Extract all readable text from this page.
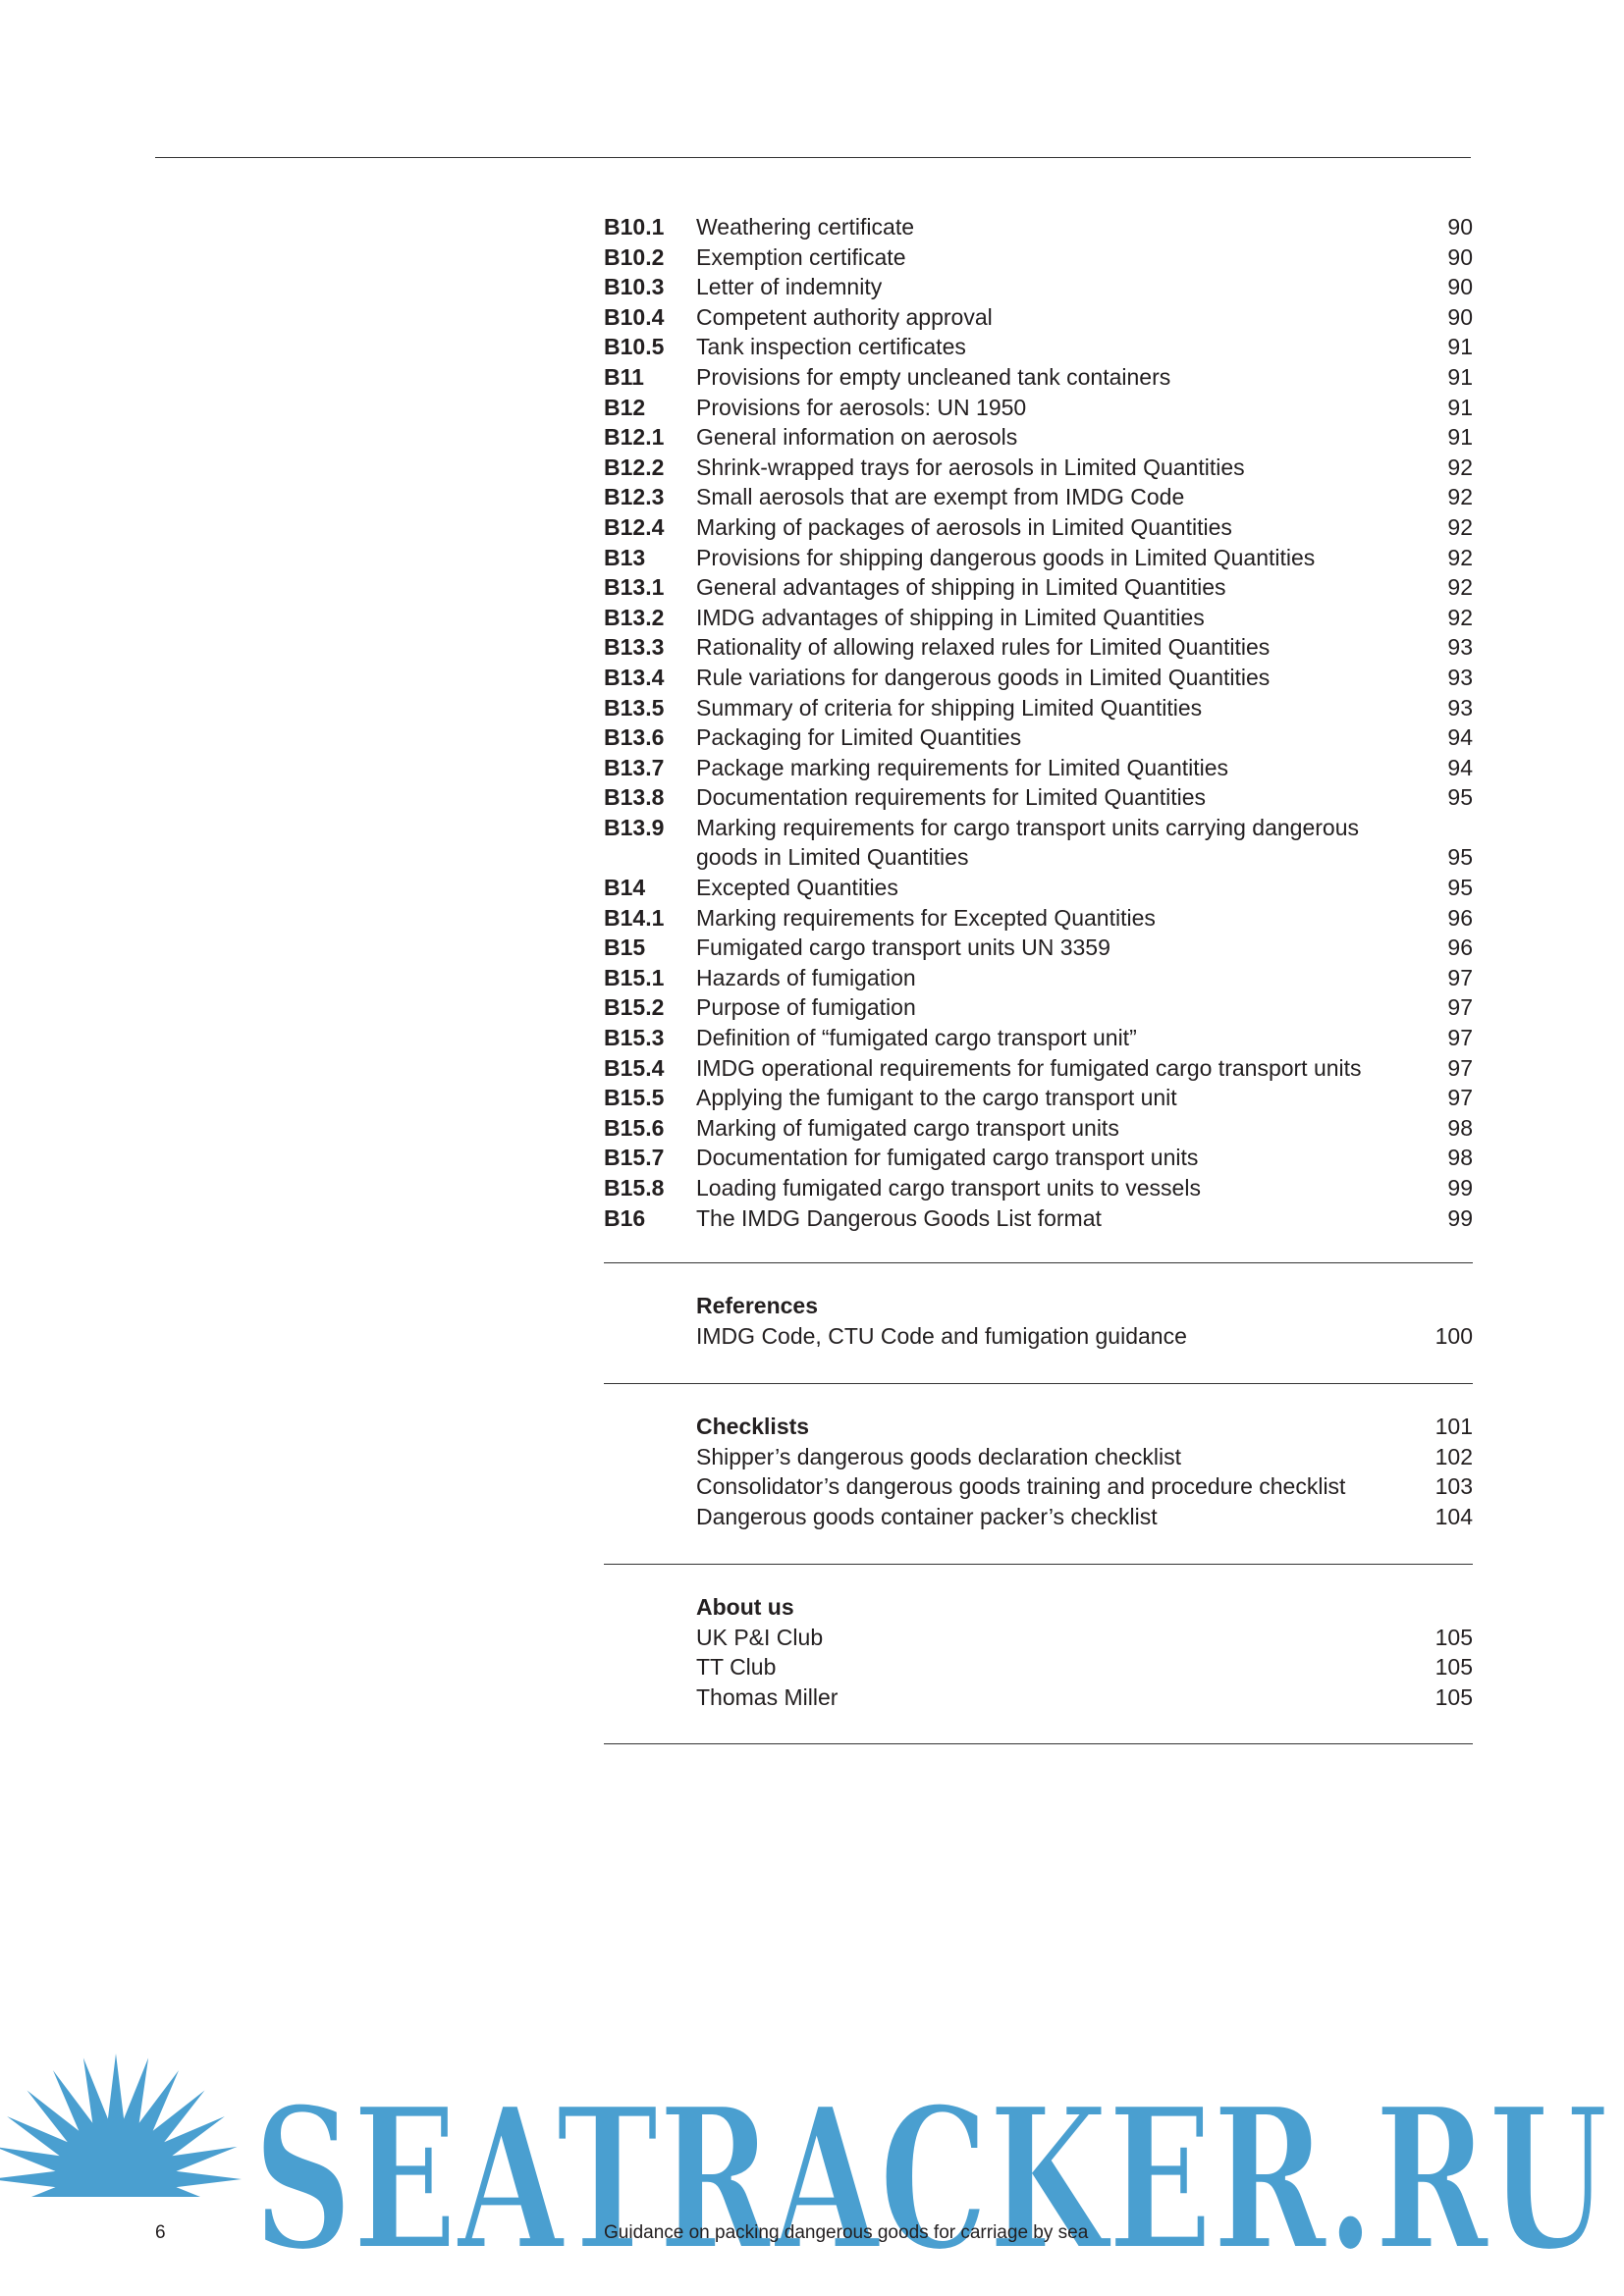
B10.1	Weathering certificate	90
B10.2	Exemption certificate	90
B10.3	Letter of indemnity	90
B10.4	Competent authority approval	90
B10.5	Tank inspection certificates	91
B11	Provisions for empty uncleaned tank containers	91
B12	Provisions for aerosols: UN 1950	91
B12.1	General information on aerosols	91
B12.2	Shrink-wrapped trays for aerosols in Limited Quantities	92
B12.3	Small aerosols that are exempt from IMDG Code	92
B12.4	Marking of packages of aerosols in Limited Quantities	92
B13	Provisions for shipping dangerous goods in Limited Quantities	92
B13.1	General advantages of shipping in Limited Quantities	92
B13.2	IMDG advantages of shipping in Limited Quantities	92
B13.3	Rationality of allowing relaxed rules for Limited Quantities	93
B13.4	Rule variations for dangerous goods in Limited Quantities	93
B13.5	Summary of criteria for shipping Limited Quantities	93
B13.6	Packaging for Limited Quantities	94
B13.7	Package marking requirements for Limited Quantities	94
B13.8	Documentation requirements for Limited Quantities	95
B13.9	Marking requirements for cargo transport units carrying dangerous
goods in Limited Quantities	95
B14	Excepted Quantities	95
B14.1	Marking requirements for Excepted Quantities	96
B15	Fumigated cargo transport units UN 3359	96
B15.1	Hazards of fumigation	97
B15.2	Purpose of fumigation	97
B15.3	Definition of “fumigated cargo transport unit”	97
B15.4	IMDG operational requirements for fumigated cargo transport units	97
B15.5	Applying the fumigant to the cargo transport unit	97
B15.6	Marking of fumigated cargo transport units	98
B15.7	Documentation for fumigated cargo transport units	98
B15.8	Loading fumigated cargo transport units to vessels	99
B16	The IMDG Dangerous Goods List format	99
References
IMDG Code, CTU Code and fumigation guidance	100
Checklists	101
Shipper’s dangerous goods declaration checklist	102
Consolidator’s dangerous goods training and procedure checklist	103
Dangerous goods container packer’s checklist	104
About us
UK P&I Club	105
TT Club	105
Thomas Miller	105
SEATRACKER.RU
6	Guidance on packing dangerous goods for carriage by sea
